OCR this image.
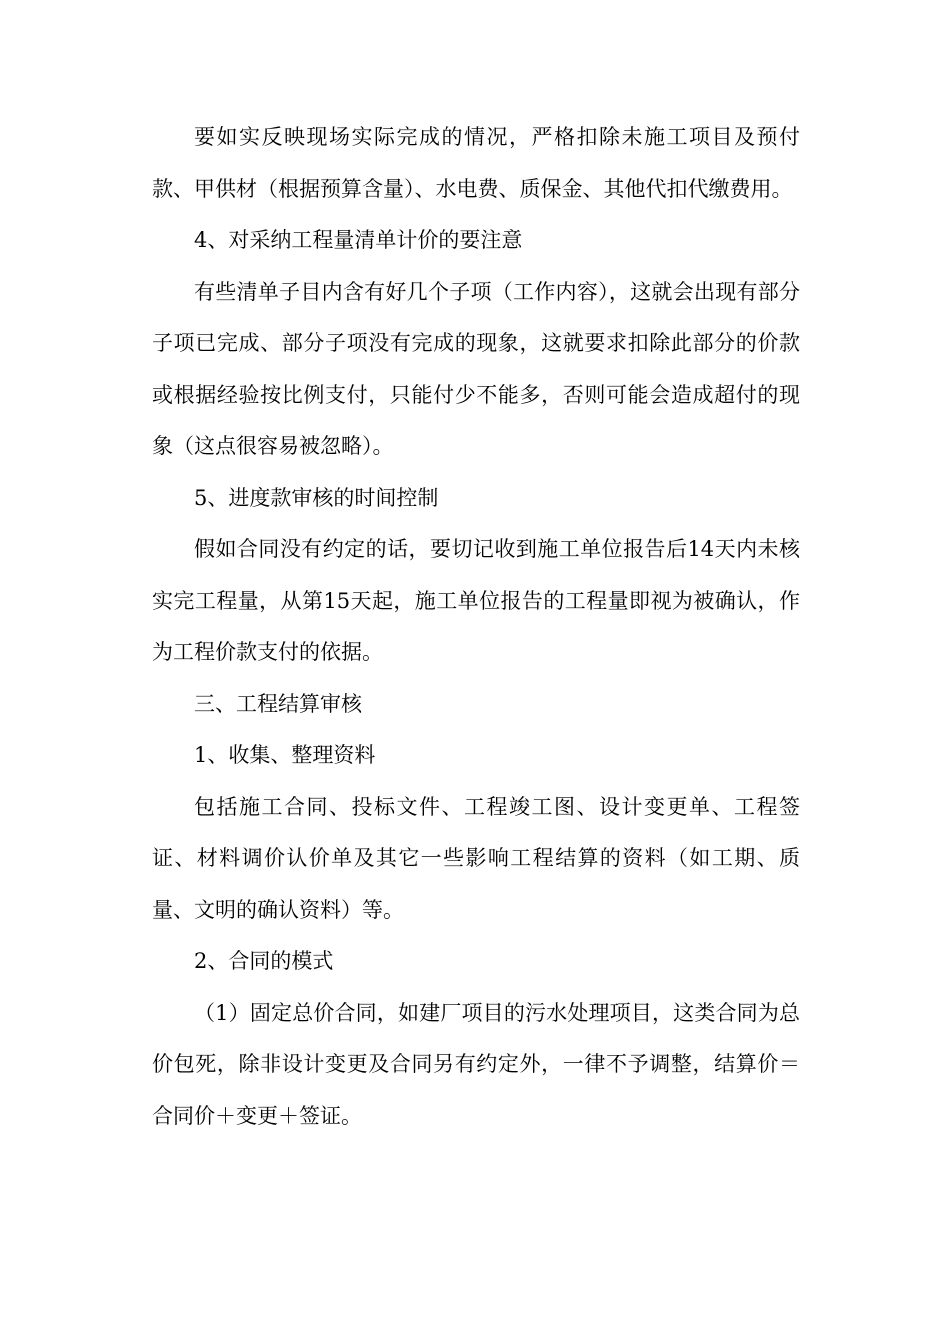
要如实反映现场实际完成的情况，严格扣除未施工项目及预付款、甲供材（根据预算含量）、水电费、质保金、其他代扣代缴费用。

4、对采纳工程量清单计价的要注意

有些清单子目内含有好几个子项（工作内容），这就会出现有部分子项已完成、部分子项没有完成的现象，这就要求扣除此部分的价款或根据经验按比例支付，只能付少不能多，否则可能会造成超付的现象（这点很容易被忽略）。

5、进度款审核的时间控制

假如合同没有约定的话，要切记收到施工单位报告后14天内未核实完工程量，从第15天起，施工单位报告的工程量即视为被确认，作为工程价款支付的依据。

三、工程结算审核

1、收集、整理资料

包括施工合同、投标文件、工程竣工图、设计变更单、工程签证、材料调价认价单及其它一些影响工程结算的资料（如工期、质量、文明的确认资料）等。

2、合同的模式

（1）固定总价合同，如建厂项目的污水处理项目，这类合同为总价包死，除非设计变更及合同另有约定外，一律不予调整，结算价＝合同价＋变更＋签证。
